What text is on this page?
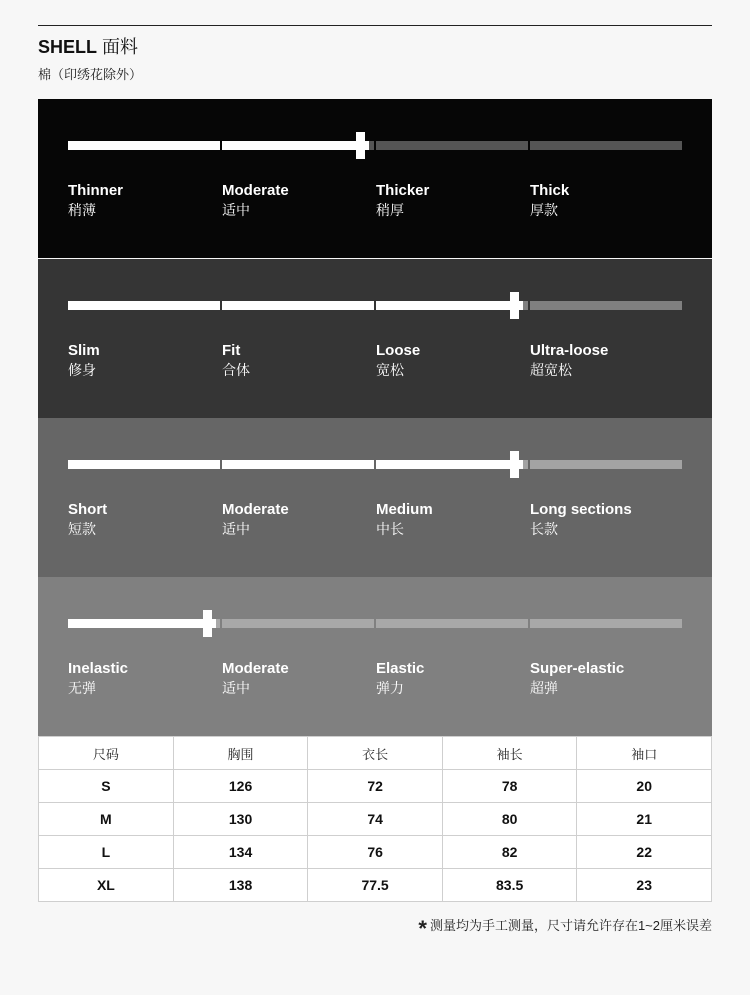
SHELL 面料
棉（印绣花除外）
Thinner
稍薄
Moderate
适中
Thicker
稍厚
Thick
厚款
Slim
修身
Fit
合体
Loose
宽松
Ultra-loose
超宽松
Short
短款
Moderate
适中
Medium
中长
Long sections
长款
Inelastic
无弹
Moderate
适中
Elastic
弹力
Super-elastic
超弹
尺码	胸围	衣长	袖长	袖口
S	126	72	78	20
M	130	74	80	21
L	134	76	82	22
XL	138	77.5	83.5	23
* 测量均为手工测量，尺寸请允许存在1~2厘米误差
